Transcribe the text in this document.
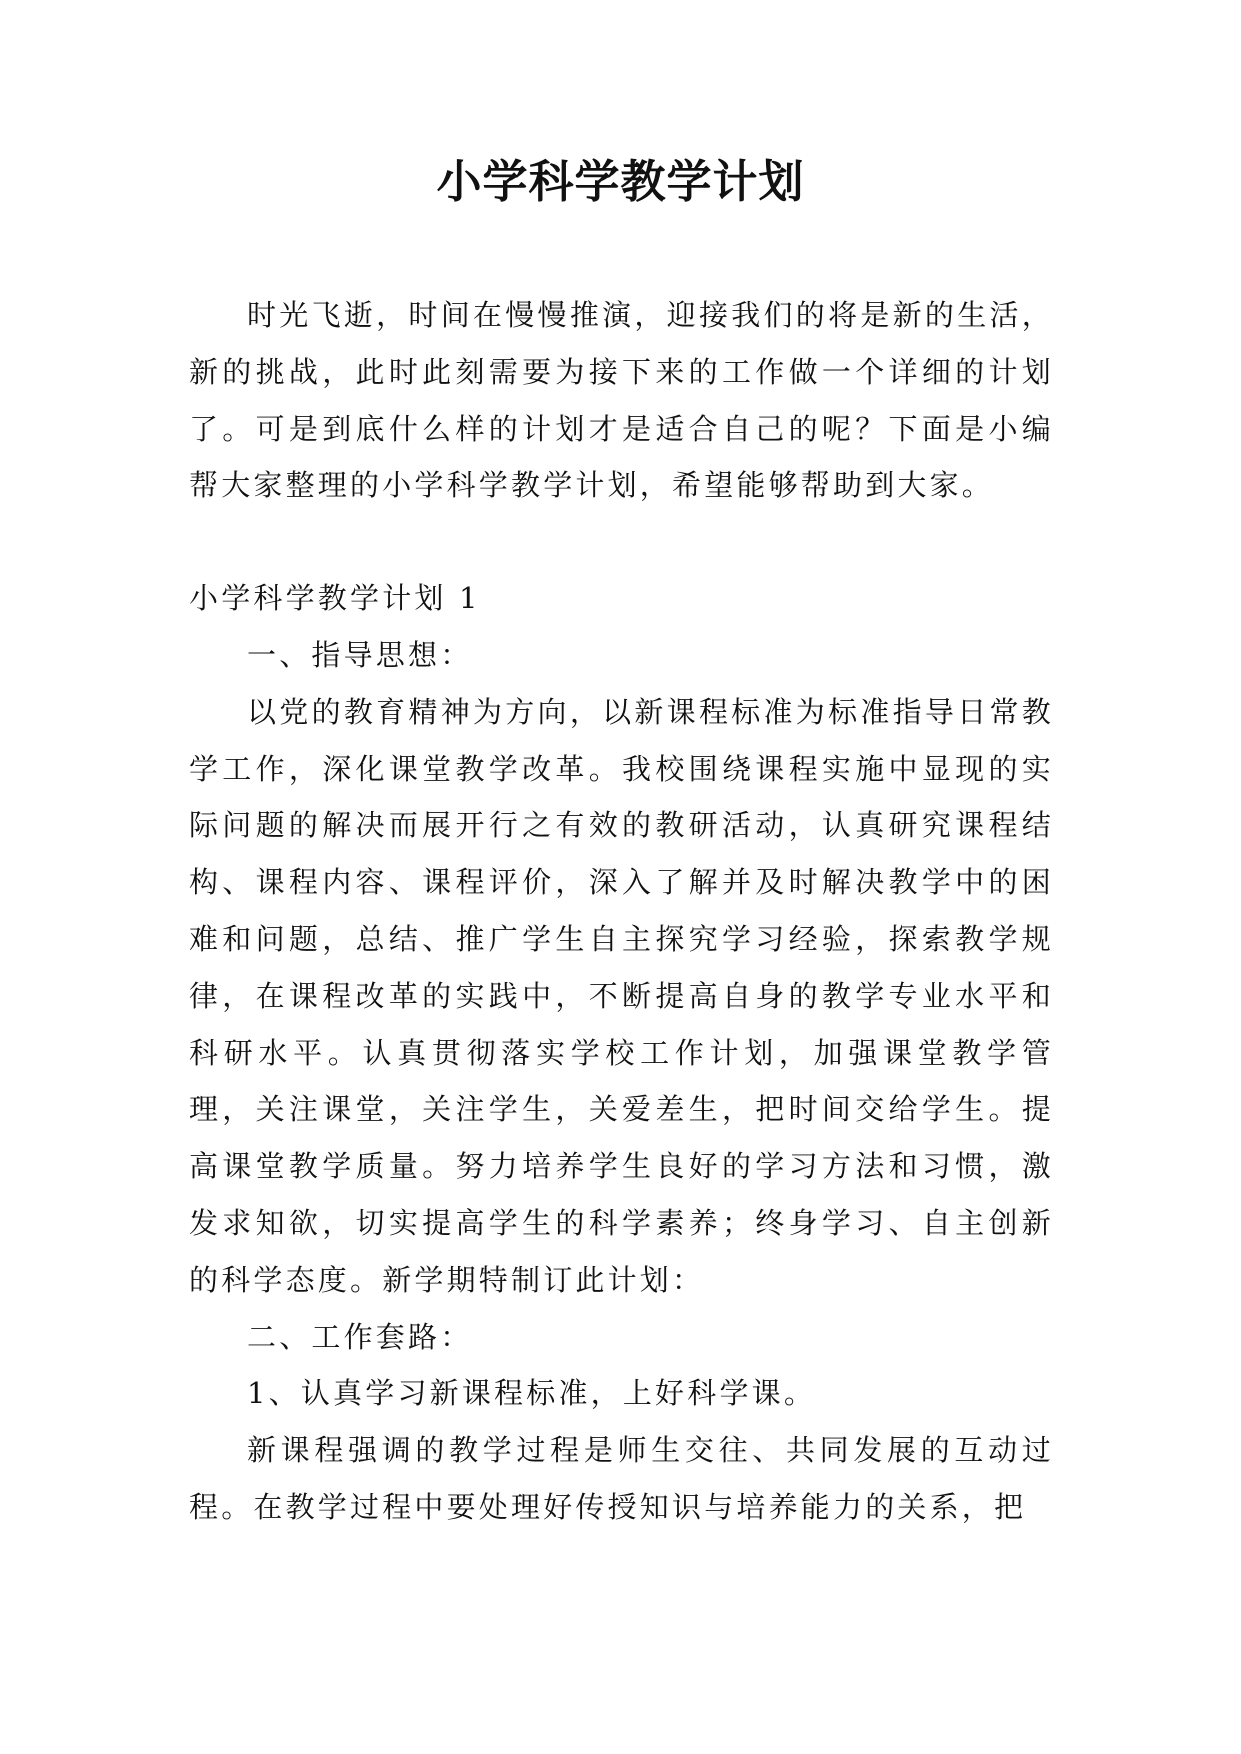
小学科学教学计划

时光飞逝，时间在慢慢推演，迎接我们的将是新的生活，新的挑战，此时此刻需要为接下来的工作做一个详细的计划了。可是到底什么样的计划才是适合自己的呢？下面是小编帮大家整理的小学科学教学计划，希望能够帮助到大家。

小学科学教学计划 1

一、指导思想：

以党的教育精神为方向，以新课程标准为标准指导日常教学工作，深化课堂教学改革。我校围绕课程实施中显现的实际问题的解决而展开行之有效的教研活动，认真研究课程结构、课程内容、课程评价，深入了解并及时解决教学中的困难和问题，总结、推广学生自主探究学习经验，探索教学规律，在课程改革的实践中，不断提高自身的教学专业水平和科研水平。认真贯彻落实学校工作计划，加强课堂教学管理，关注课堂，关注学生，关爱差生，把时间交给学生。提高课堂教学质量。努力培养学生良好的学习方法和习惯，激发求知欲，切实提高学生的科学素养；终身学习、自主创新的科学态度。新学期特制订此计划：

二、工作套路：

1、认真学习新课程标准，上好科学课。

新课程强调的教学过程是师生交往、共同发展的互动过程。在教学过程中要处理好传授知识与培养能力的关系，把
